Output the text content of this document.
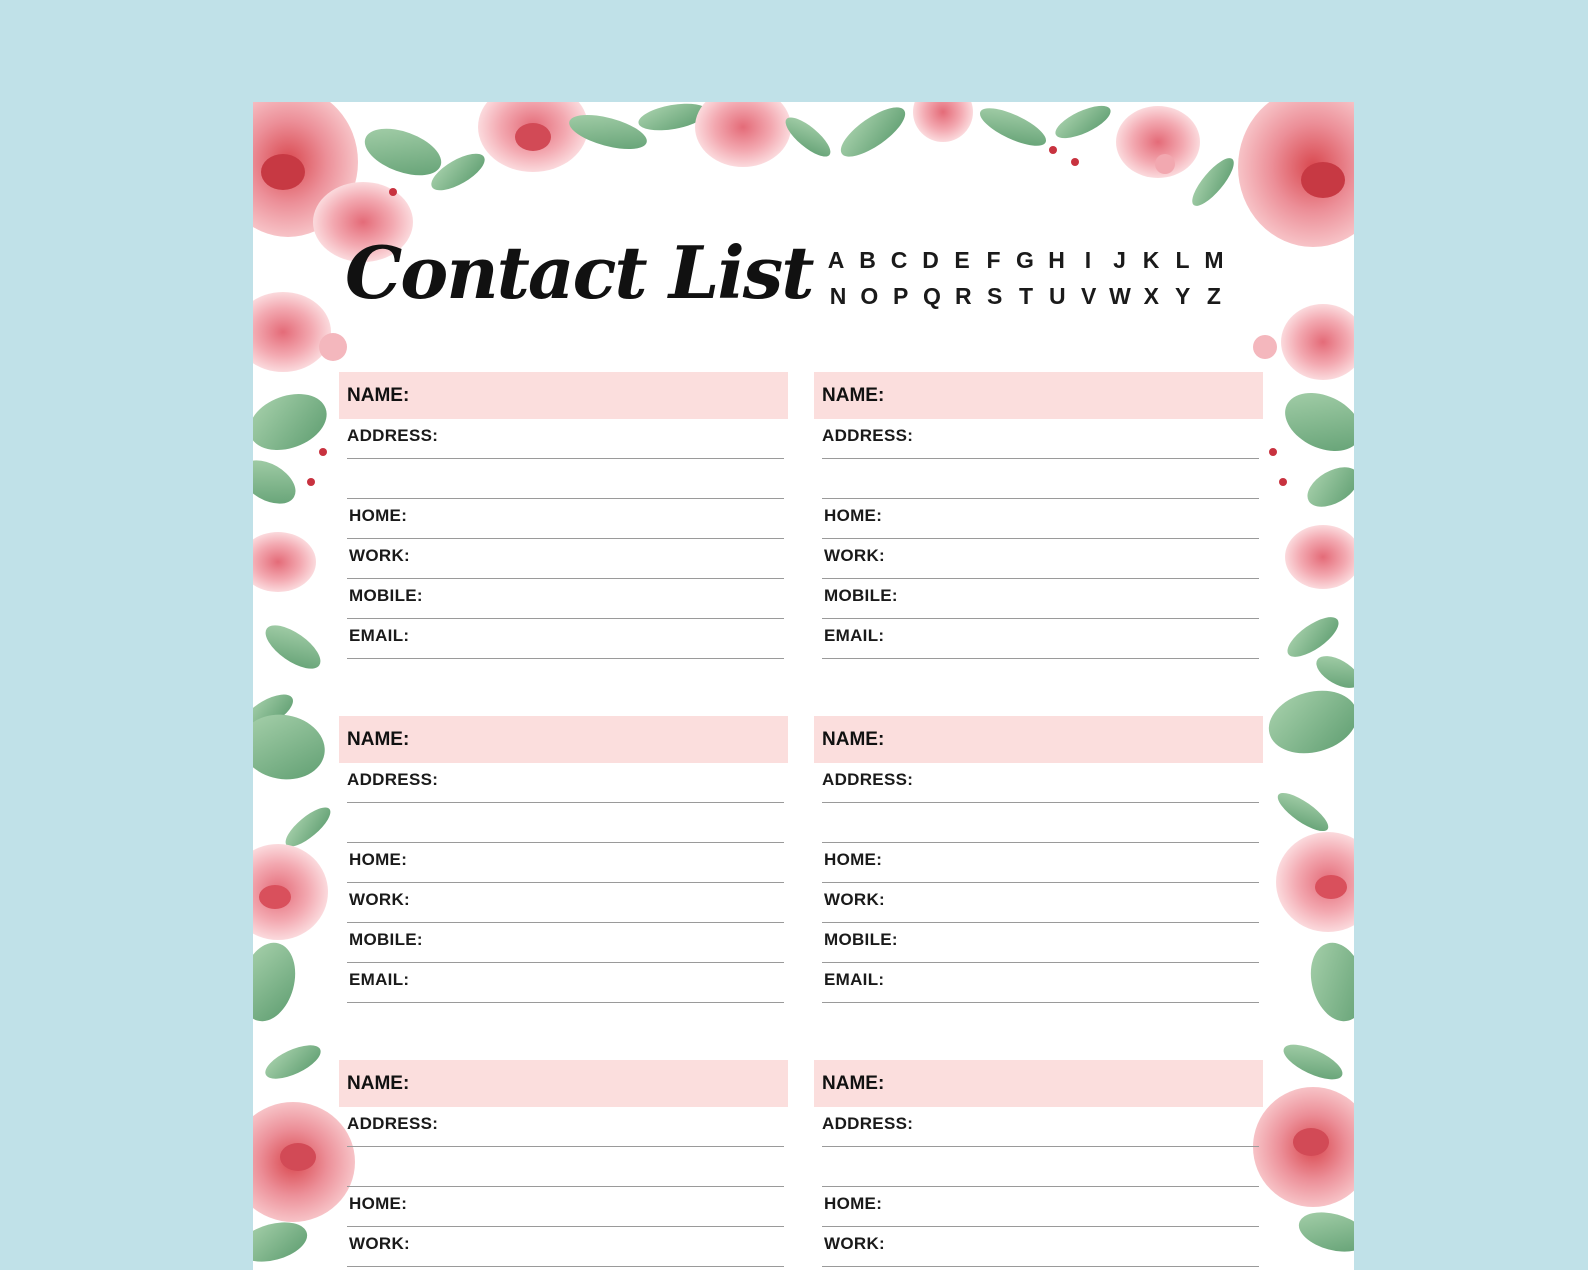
Contact List A B C D E F G H I J K L M
N O P Q R S T U V W X Y Z
NAME:
ADDRESS:
HOME:
WORK:
MOBILE:
EMAIL:
NAME:
ADDRESS:
HOME:
WORK:
MOBILE:
EMAIL:
NAME:
ADDRESS:
HOME:
WORK:
MOBILE:
EMAIL:
NAME:
ADDRESS:
HOME:
WORK:
MOBILE:
EMAIL:
NAME:
ADDRESS:
HOME:
WORK:
NAME:
ADDRESS:
HOME:
WORK:
